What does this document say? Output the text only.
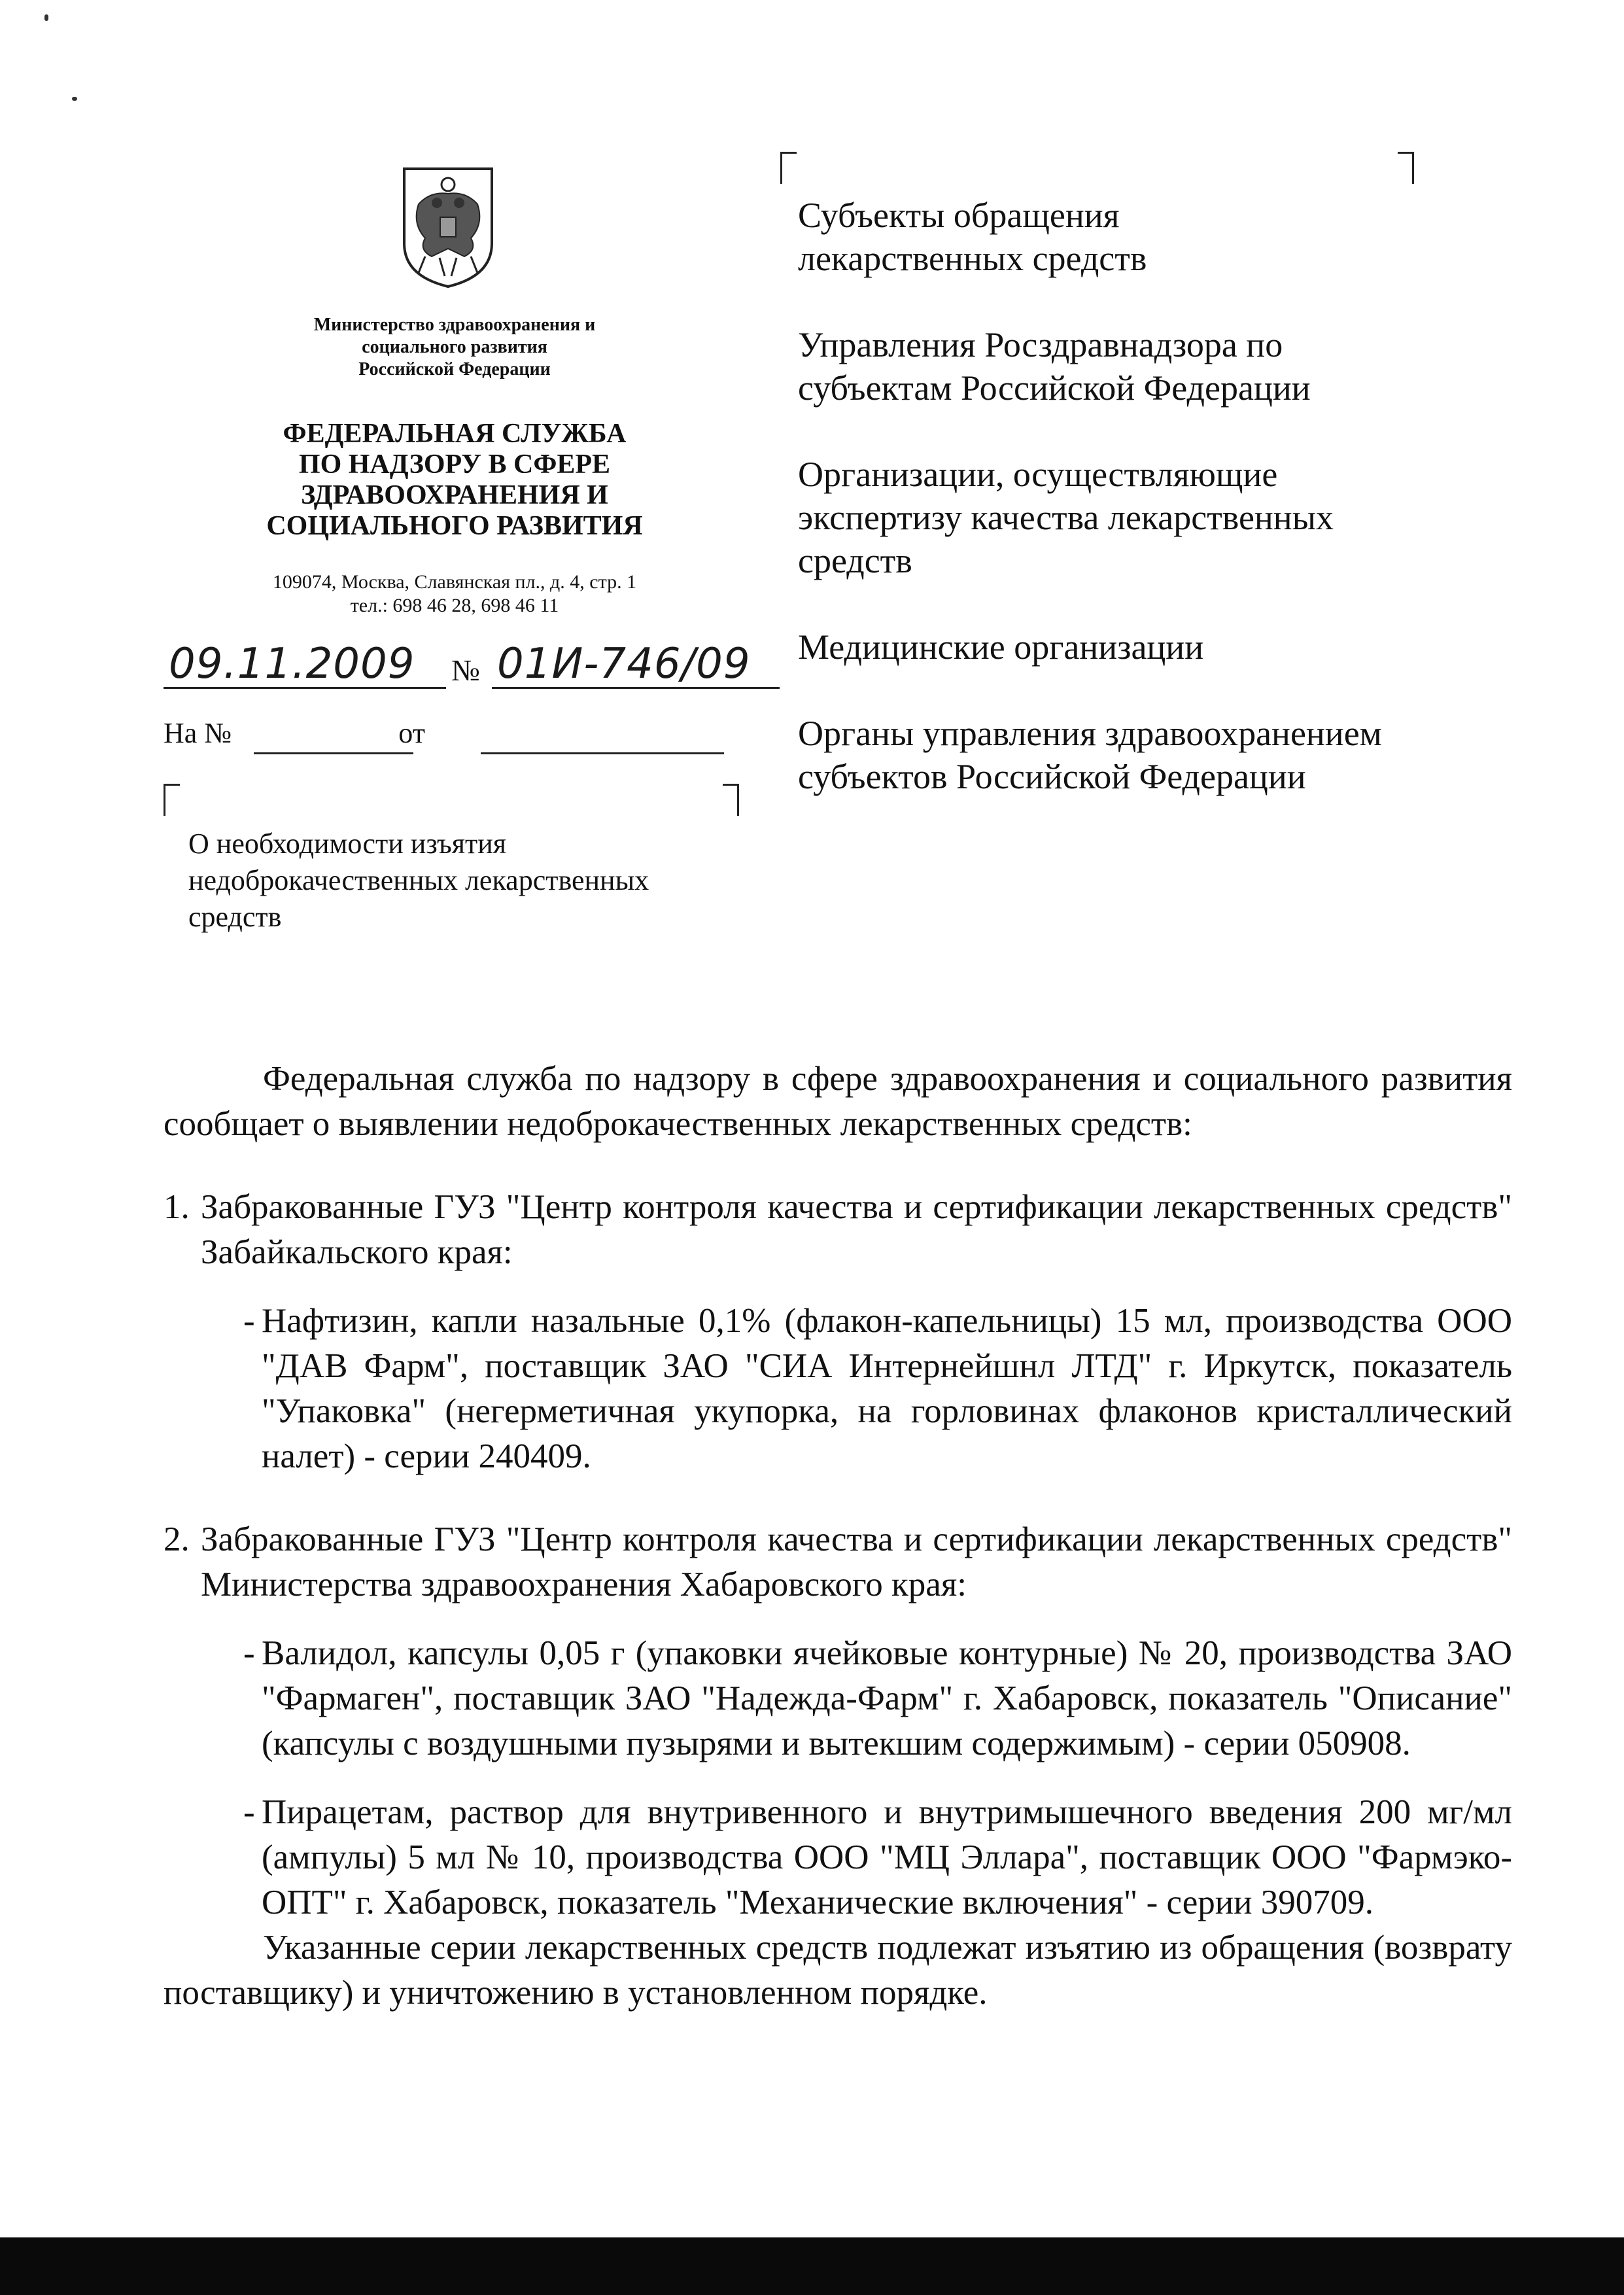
Министерство здравоохранения и
социального развития
Российской Федерации
ФЕДЕРАЛЬНАЯ СЛУЖБА
ПО НАДЗОРУ В СФЕРЕ
ЗДРАВООХРАНЕНИЯ И
СОЦИАЛЬНОГО РАЗВИТИЯ
109074, Москва, Славянская пл., д. 4, стр. 1
тел.: 698 46 28, 698 46 11
09.11.2009	№ 01И-746/09
На №	от
О необходимости изъятия
недоброкачественных лекарственных
средств
Субъекты обращения
лекарственных средств
Управления Росздравнадзора по
субъектам Российской Федерации
Организации, осуществляющие
экспертизу качества лекарственных
средств
Медицинские организации
Органы управления здравоохранением
субъектов Российской Федерации

Федеральная служба по надзору в сфере здравоохранения и социального развития сообщает о выявлении недоброкачественных лекарственных средств:

1. Забракованные ГУЗ "Центр контроля качества и сертификации лекарственных средств" Забайкальского края:

- Нафтизин, капли назальные 0,1% (флакон-капельницы) 15 мл, производства ООО "ДАВ Фарм", поставщик ЗАО "СИА Интернейшнл ЛТД" г. Иркутск, показатель "Упаковка" (негерметичная укупорка, на горловинах флаконов кристаллический налет) - серии 240409.

2. Забракованные ГУЗ "Центр контроля качества и сертификации лекарственных средств" Министерства здравоохранения Хабаровского края:

- Валидол, капсулы 0,05 г (упаковки ячейковые контурные) № 20, производства ЗАО "Фармаген", поставщик ЗАО "Надежда-Фарм" г. Хабаровск, показатель "Описание" (капсулы с воздушными пузырями и вытекшим содержимым) - серии 050908.

- Пирацетам, раствор для внутривенного и внутримышечного введения 200 мг/мл (ампулы) 5 мл № 10, производства ООО "МЦ Эллара", поставщик ООО "Фармэко-ОПТ" г. Хабаровск, показатель "Механические включения" - серии 390709.

Указанные серии лекарственных средств подлежат изъятию из обращения (возврату поставщику) и уничтожению в установленном порядке.
